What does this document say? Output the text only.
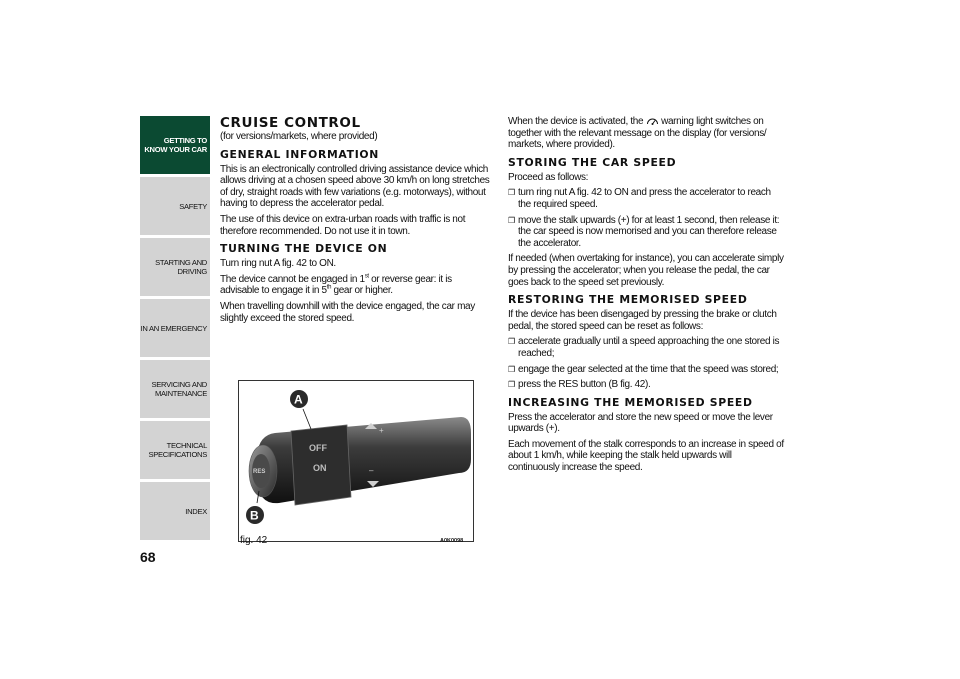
GETTING TO
KNOW YOUR CAR
SAFETY
STARTING AND
DRIVING
IN AN EMERGENCY
SERVICING AND
MAINTENANCE
TECHNICAL
SPECIFICATIONS
INDEX
68
CRUISE CONTROL

(for versions/markets, where provided)

GENERAL INFORMATION

This is an electronically controlled driving assistance device which allows driving at a chosen speed above 30 km/h on long stretches of dry, straight roads with few variations (e.g. motorways), without having to depress the accelerator pedal.

The use of this device on extra-urban roads with traffic is not therefore recommended. Do not use it in town.

TURNING THE DEVICE ON

Turn ring nut A fig. 42 to ON.

The device cannot be engaged in 1st or reverse gear: it is advisable to engage it in 5th gear or higher.

When travelling downhill with the device engaged, the car may slightly exceed the stored speed.

RES
OFF
ON
+
–
A
B
fig. 42	A0K0098

When the device is activated, the warning light switches on together with the relevant message on the display (for versions/ markets, where provided).

STORING THE CAR SPEED

Proceed as follows:

❒ turn ring nut A fig. 42 to ON and press the accelerator to reach the required speed.

❒ move the stalk upwards (+) for at least 1 second, then release it: the car speed is now memorised and you can therefore release the accelerator.

If needed (when overtaking for instance), you can accelerate simply by pressing the accelerator; when you release the pedal, the car goes back to the speed set previously.

RESTORING THE MEMORISED SPEED

If the device has been disengaged by pressing the brake or clutch pedal, the stored speed can be reset as follows:

❒ accelerate gradually until a speed approaching the one stored is reached;

❒ engage the gear selected at the time that the speed was stored;

❒ press the RES button (B fig. 42).

INCREASING THE MEMORISED SPEED

Press the accelerator and store the new speed or move the lever upwards (+).

Each movement of the stalk corresponds to an increase in speed of about 1 km/h, while keeping the stalk held upwards will continuously increase the speed.
